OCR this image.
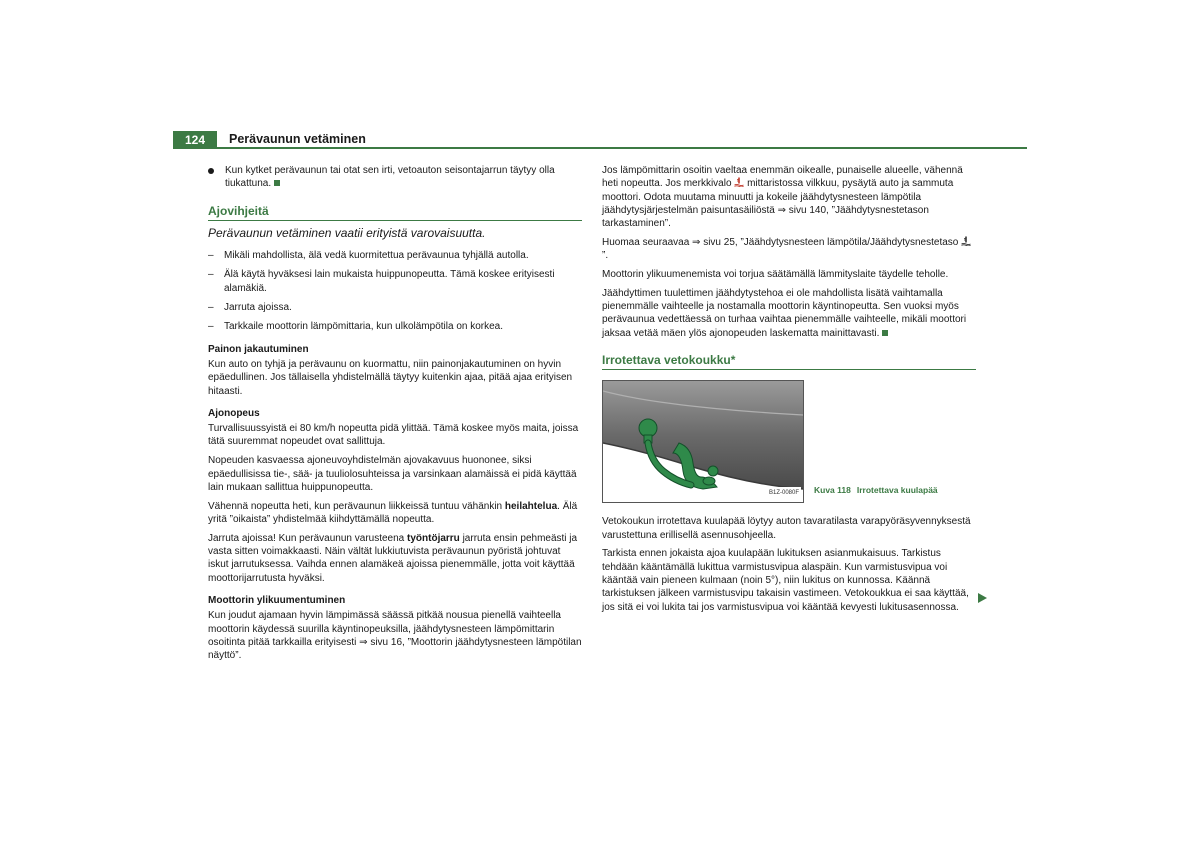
124	Perävaunun vetäminen
Kun kytket perävaunun tai otat sen irti, vetoauton seisontajarrun täytyy olla tiukattuna.
Ajovihjeitä
Perävaunun vetäminen vaatii erityistä varovaisuutta.
– Mikäli mahdollista, älä vedä kuormitettua perävaunua tyhjällä autolla.
– Älä käytä hyväksesi lain mukaista huippunopeutta. Tämä koskee erityisesti alamäkiä.
– Jarruta ajoissa.
– Tarkkaile moottorin lämpömittaria, kun ulkolämpötila on korkea.
Painon jakautuminen

Kun auto on tyhjä ja perävaunu on kuormattu, niin painonjakautuminen on hyvin epäedullinen. Jos tällaisella yhdistelmällä täytyy kuitenkin ajaa, pitää ajaa erityisen hitaasti.

Ajonopeus

Turvallisuussyistä ei 80 km/h nopeutta pidä ylittää. Tämä koskee myös maita, joissa tätä suuremmat nopeudet ovat sallittuja.

Nopeuden kasvaessa ajoneuvoyhdistelmän ajovakavuus huononee, siksi epäedullisissa tie-, sää- ja tuuliolosuhteissa ja varsinkaan alamäissä ei pidä käyttää lain mukaan sallittua huippunopeutta.

Vähennä nopeutta heti, kun perävaunun liikkeissä tuntuu vähänkin heilahtelua. Älä yritä ”oikaista” yhdistelmää kiihdyttämällä nopeutta.

Jarruta ajoissa! Kun perävaunun varusteena työntöjarru jarruta ensin pehmeästi ja vasta sitten voimakkaasti. Näin vältät lukkiutuvista perävaunun pyöristä johtuvat iskut jarrutuksessa. Vaihda ennen alamäkeä ajoissa pienemmälle, jotta voit käyttää moottorijarrutusta hyväksi.

Moottorin ylikuumentuminen

Kun joudut ajamaan hyvin lämpimässä säässä pitkää nousua pienellä vaihteella moottorin käydessä suurilla käyntinopeuksilla, jäähdytysnesteen lämpömittarin osoitinta pitää tarkkailla erityisesti ⇒ sivu 16, ”Moottorin jäähdytysnesteen lämpötilan näyttö”.

Jos lämpömittarin osoitin vaeltaa enemmän oikealle, punaiselle alueelle, vähennä heti nopeutta. Jos merkkivalo  mittaristossa vilkkuu, pysäytä auto ja sammuta moottori. Odota muutama minuutti ja kokeile jäähdytysnesteen lämpötila jäähdytysjärjestelmän paisuntasäiliöstä ⇒ sivu 140, ”Jäähdytysnestetason tarkastaminen”.

Huomaa seuraavaa ⇒ sivu 25, ”Jäähdytysnesteen lämpötila/Jäähdytysnestetaso ”.

Moottorin ylikuumenemista voi torjua säätämällä lämmityslaite täydelle teholle.

Jäähdyttimen tuulettimen jäähdytystehoa ei ole mahdollista lisätä vaihtamalla pienemmälle vaihteelle ja nostamalla moottorin käyntinopeutta. Sen vuoksi myös perävaunua vedettäessä on turhaa vaihtaa pienemmälle vaihteelle, mikäli moottori jaksaa vetää mäen ylös ajonopeuden laskematta mainittavasti.

Irrotettava vetokoukku*
B1Z-0080F Kuva 118 Irrotettava kuulapää

Vetokoukun irrotettava kuulapää löytyy auton tavaratilasta varapyöräsyvennyksestä varustettuna erillisellä asennusohjeella.

Tarkista ennen jokaista ajoa kuulapään lukituksen asianmukaisuus. Tarkistus tehdään kääntämällä lukittua varmistusvipua alaspäin. Kun varmistusvipua voi kääntää vain pieneen kulmaan (noin 5°), niin lukitus on kunnossa. Käännä tarkistuksen jälkeen varmistusvipu takaisin vastimeen. Vetokoukkua ei saa käyttää, jos sitä ei voi lukita tai jos varmistusvipua voi kääntää kevyesti lukitusasennossa.
